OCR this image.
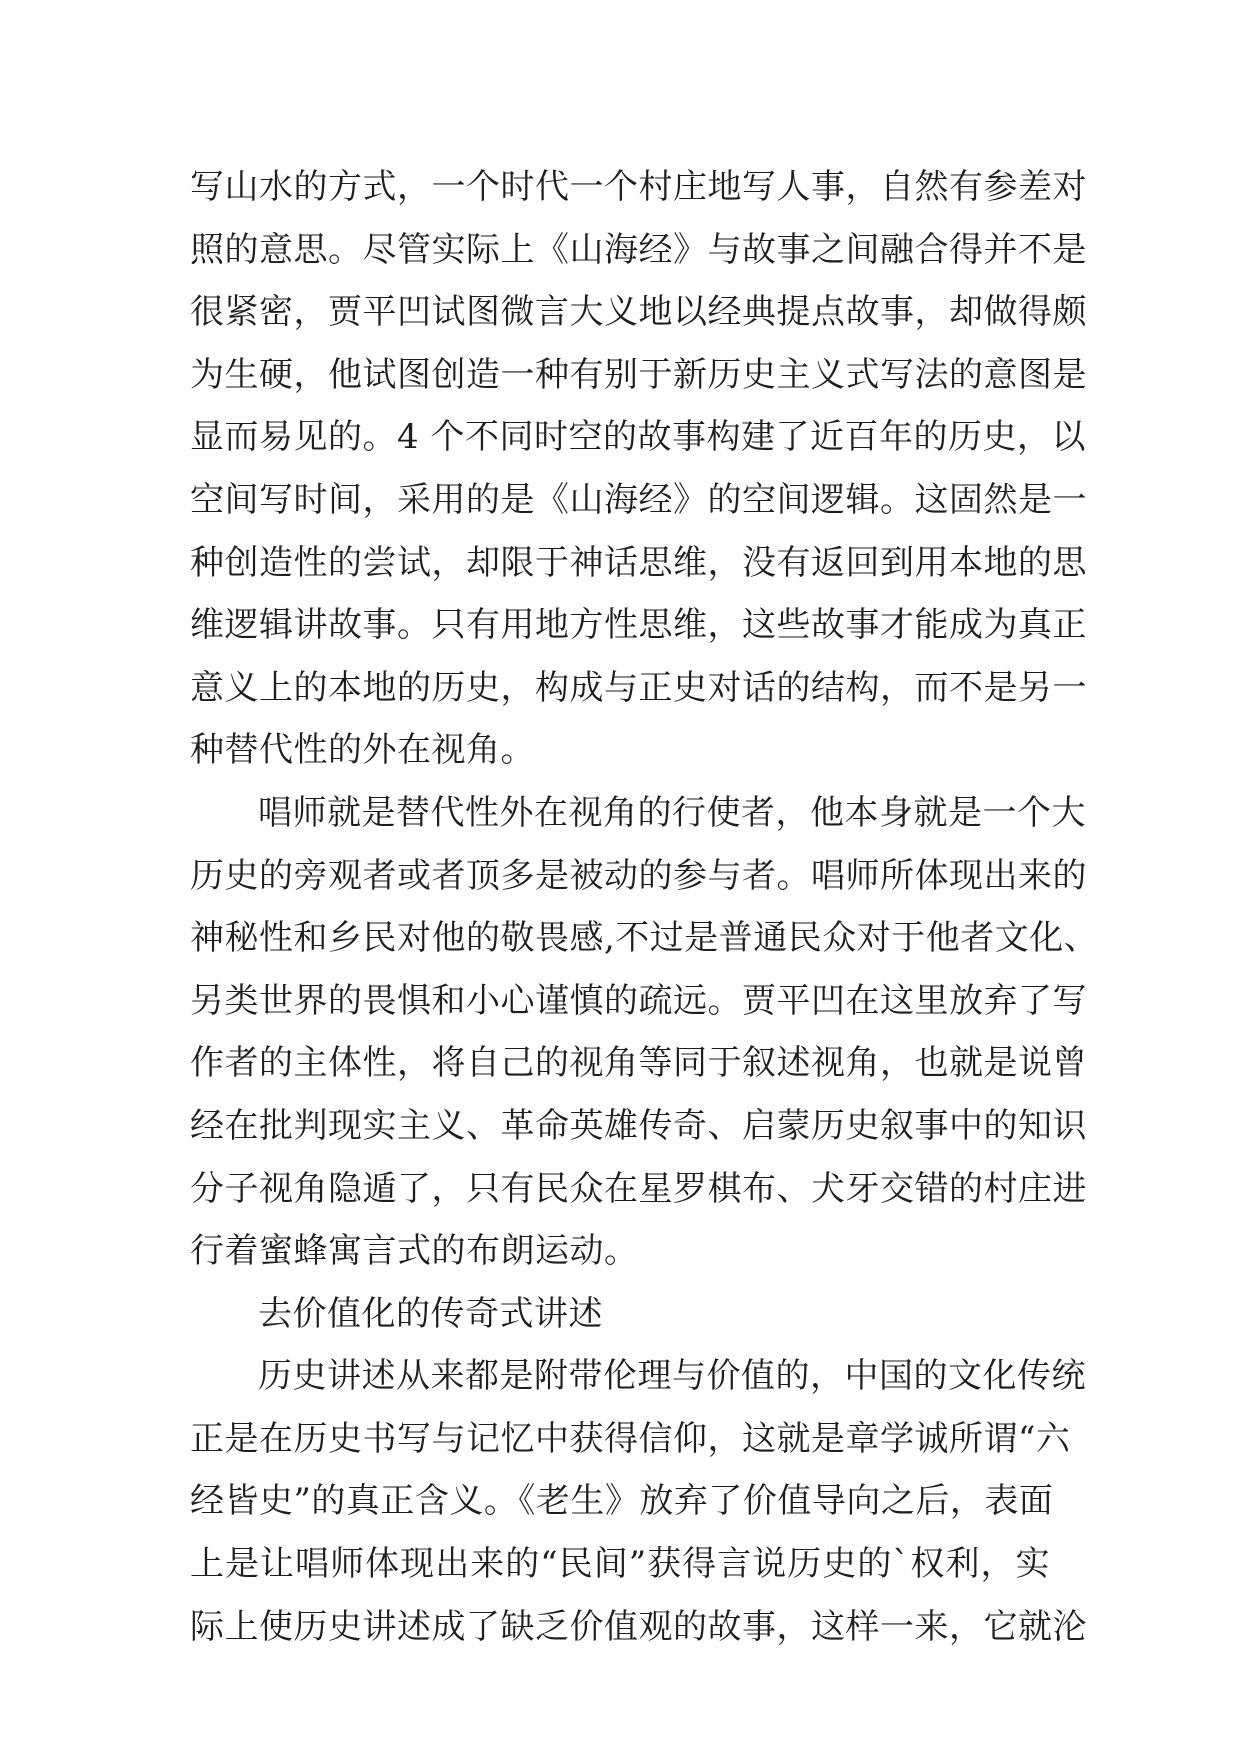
写山水的方式，一个时代一个村庄地写人事，自然有参差对
照的意思。尽管实际上《山海经》与故事之间融合得并不是
很紧密，贾平凹试图微言大义地以经典提点故事，却做得颇
为生硬，他试图创造一种有别于新历史主义式写法的意图是
显而易见的。4 个不同时空的故事构建了近百年的历史，以
空间写时间，采用的是《山海经》的空间逻辑。这固然是一
种创造性的尝试，却限于神话思维，没有返回到用本地的思
维逻辑讲故事。只有用地方性思维，这些故事才能成为真正
意义上的本地的历史，构成与正史对话的结构，而不是另一
种替代性的外在视角。
唱师就是替代性外在视角的行使者，他本身就是一个大
历史的旁观者或者顶多是被动的参与者。唱师所体现出来的
神秘性和乡民对他的敬畏感,不过是普通民众对于他者文化、
另类世界的畏惧和小心谨慎的疏远。贾平凹在这里放弃了写
作者的主体性，将自己的视角等同于叙述视角，也就是说曾
经在批判现实主义、革命英雄传奇、启蒙历史叙事中的知识
分子视角隐遁了，只有民众在星罗棋布、犬牙交错的村庄进
行着蜜蜂寓言式的布朗运动。
去价值化的传奇式讲述
历史讲述从来都是附带伦理与价值的，中国的文化传统
正是在历史书写与记忆中获得信仰，这就是章学诚所谓“六
经皆史”的真正含义。《老生》放弃了价值导向之后，表面
上是让唱师体现出来的“民间”获得言说历史的`权利，实
际上使历史讲述成了缺乏价值观的故事，这样一来，它就沦
